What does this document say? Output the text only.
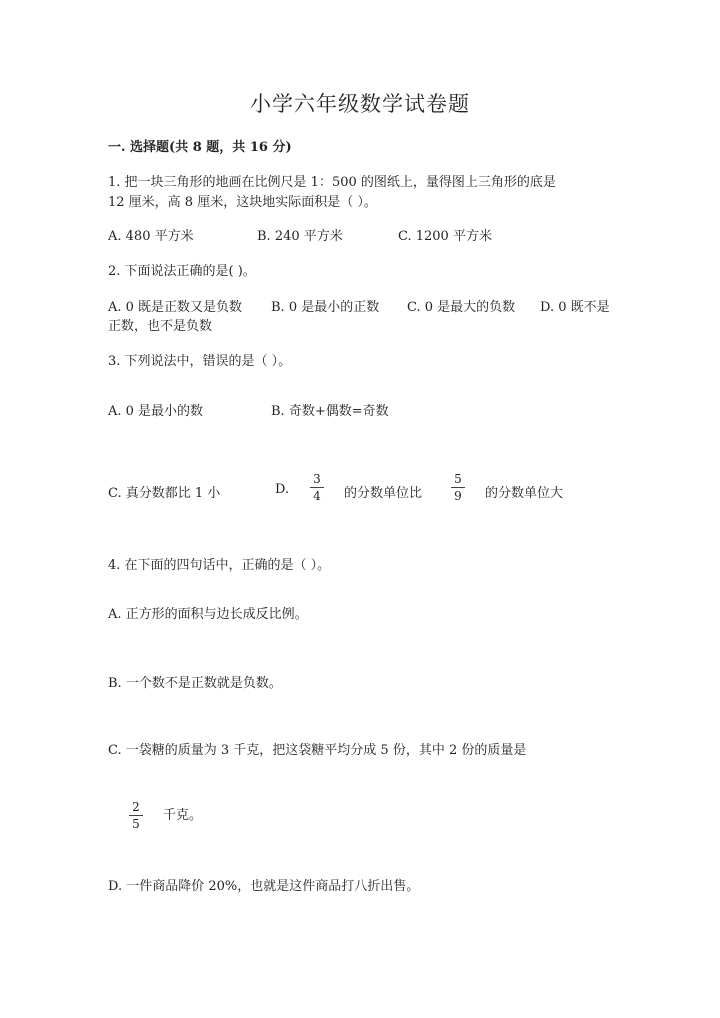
小学六年级数学试卷题
一. 选择题(共 8 题，共 16 分)
1. 把一块三角形的地画在比例尺是 1：500 的图纸上，量得图上三角形的底是
12 厘米，高 8 厘米，这块地实际面积是（ ）。
A. 480 平方米	B. 240 平方米	C. 1200 平方米
2. 下面说法正确的是( )。
A. 0 既是正数又是负数 B. 0 是最小的正数 C. 0 是最大的负数 D. 0 既不是
正数，也不是负数
3. 下列说法中，错误的是（ ）。
A. 0 是最小的数	B. 奇数+偶数=奇数
C. 真分数都比 1 小	D.
3
4	的分数单位比
5
9	的分数单位大
4. 在下面的四句话中，正确的是（ ）。
A. 正方形的面积与边长成反比例。
B. 一个数不是正数就是负数。
C. 一袋糖的质量为 3 千克，把这袋糖平均分成 5 份，其中 2 份的质量是
2
5
千克。
D. 一件商品降价 20%，也就是这件商品打八折出售。
